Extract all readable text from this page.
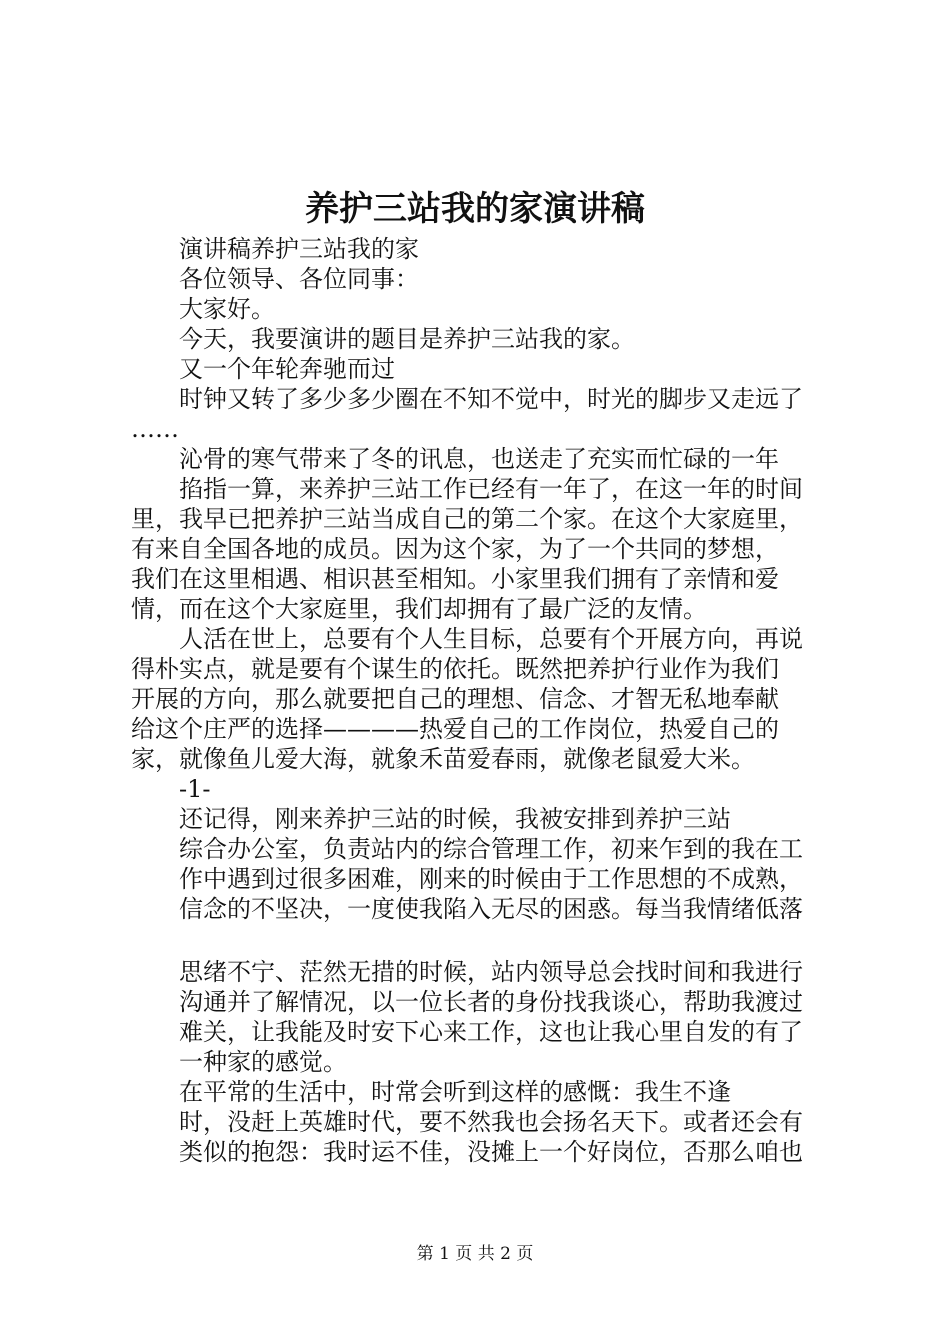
养护三站我的家演讲稿

演讲稿养护三站我的家

各位领导、各位同事：

大家好。

今天，我要演讲的题目是养护三站我的家。

又一个年轮奔驰而过

时钟又转了多少多少圈在不知不觉中，时光的脚步又走远了

……

沁骨的寒气带来了冬的讯息，也送走了充实而忙碌的一年

掐指一算，来养护三站工作已经有一年了，在这一年的时间

里，我早已把养护三站当成自己的第二个家。在这个大家庭里，

有来自全国各地的成员。因为这个家，为了一个共同的梦想，

我们在这里相遇、相识甚至相知。小家里我们拥有了亲情和爱

情，而在这个大家庭里，我们却拥有了最广泛的友情。

人活在世上，总要有个人生目标，总要有个开展方向，再说

得朴实点，就是要有个谋生的依托。既然把养护行业作为我们

开展的方向，那么就要把自己的理想、信念、才智无私地奉献

给这个庄严的选择————热爱自己的工作岗位，热爱自己的

家，就像鱼儿爱大海，就象禾苗爱春雨，就像老鼠爱大米。

-1-

还记得，刚来养护三站的时候，我被安排到养护三站

综合办公室，负责站内的综合管理工作，初来乍到的我在工

作中遇到过很多困难，刚来的时候由于工作思想的不成熟，

信念的不坚决，一度使我陷入无尽的困惑。每当我情绪低落

思绪不宁、茫然无措的时候，站内领导总会找时间和我进行

沟通并了解情况，以一位长者的身份找我谈心，帮助我渡过

难关，让我能及时安下心来工作，这也让我心里自发的有了

一种家的感觉。

在平常的生活中，时常会听到这样的感慨：我生不逢

时，没赶上英雄时代，要不然我也会扬名天下。或者还会有

类似的抱怨：我时运不佳，没摊上一个好岗位，否那么咱也

第 1 页 共 2 页
